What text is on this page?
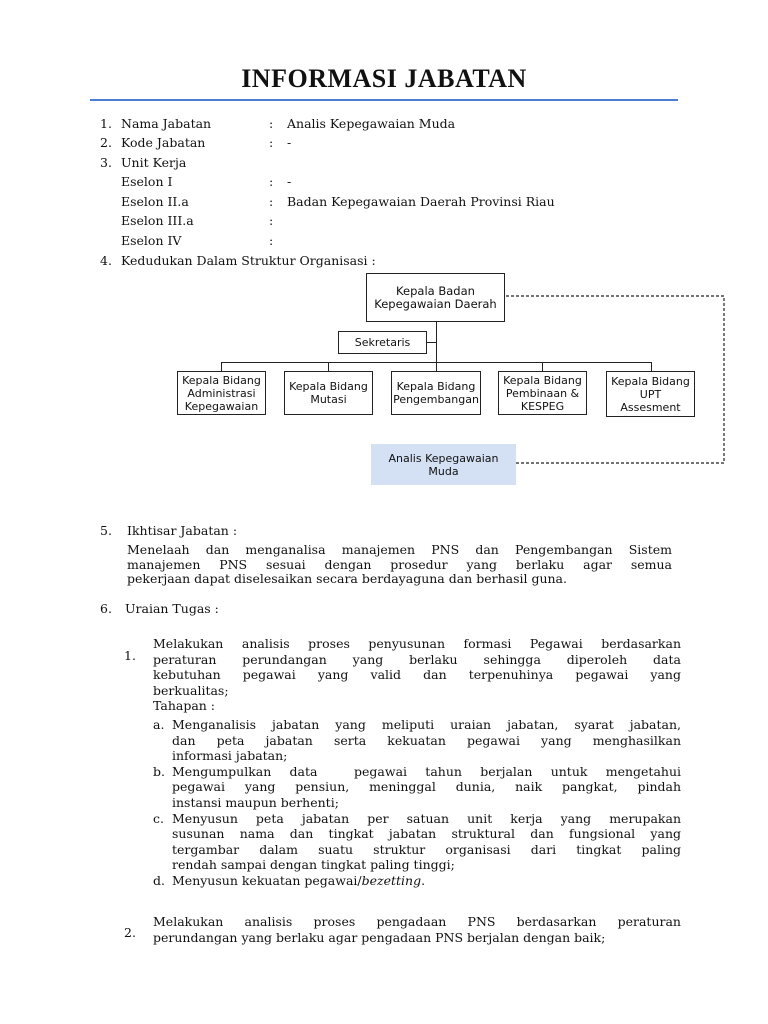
INFORMASI JABATAN
1. Nama Jabatan	: Analis Kepegawaian Muda
2. Kode Jabatan	: -
3. Unit Kerja
Eselon I	: -
Eselon II.a	: Badan Kepegawaian Daerah Provinsi Riau
Eselon III.a	:
Eselon IV	:
4. Kedudukan Dalam Struktur Organisasi :
Kepala Badan
Kepegawaian Daerah
Sekretaris
Kepala Bidang
Administrasi
Kepegawaian
Kepala Bidang
Mutasi
Kepala Bidang
Pengembangan
Kepala Bidang
Pembinaan &
KESPEG
Kepala Bidang
UPT
Assesment
Analis Kepegawaian
Muda
5. Ikhtisar Jabatan :
Menelaah dan menganalisa manajemen PNS dan Pengembangan Sistem
manajemen PNS sesuai dengan prosedur yang berlaku agar semua
pekerjaan dapat diselesaikan secara berdayaguna dan berhasil guna.
6. Uraian Tugas :
1.
Melakukan analisis proses penyusunan formasi Pegawai berdasarkan
peraturan perundangan yang berlaku sehingga diperoleh data
kebutuhan pegawai yang valid dan terpenuhinya pegawai yang
berkualitas;
Tahapan :
a. Menganalisis jabatan yang meliputi uraian jabatan, syarat jabatan,
dan peta jabatan serta kekuatan pegawai yang menghasilkan
informasi jabatan;
b. Mengumpulkan data  pegawai tahun berjalan untuk mengetahui
pegawai yang pensiun, meninggal dunia, naik pangkat, pindah
instansi maupun berhenti;
c. Menyusun peta jabatan per satuan unit kerja yang merupakan
susunan nama dan tingkat jabatan struktural dan fungsional yang
tergambar dalam suatu struktur organisasi dari tingkat paling
rendah sampai dengan tingkat paling tinggi;
d. Menyusun kekuatan pegawai/bezetting.
2.
Melakukan analisis proses pengadaan PNS berdasarkan peraturan
perundangan yang berlaku agar pengadaan PNS berjalan dengan baik;
